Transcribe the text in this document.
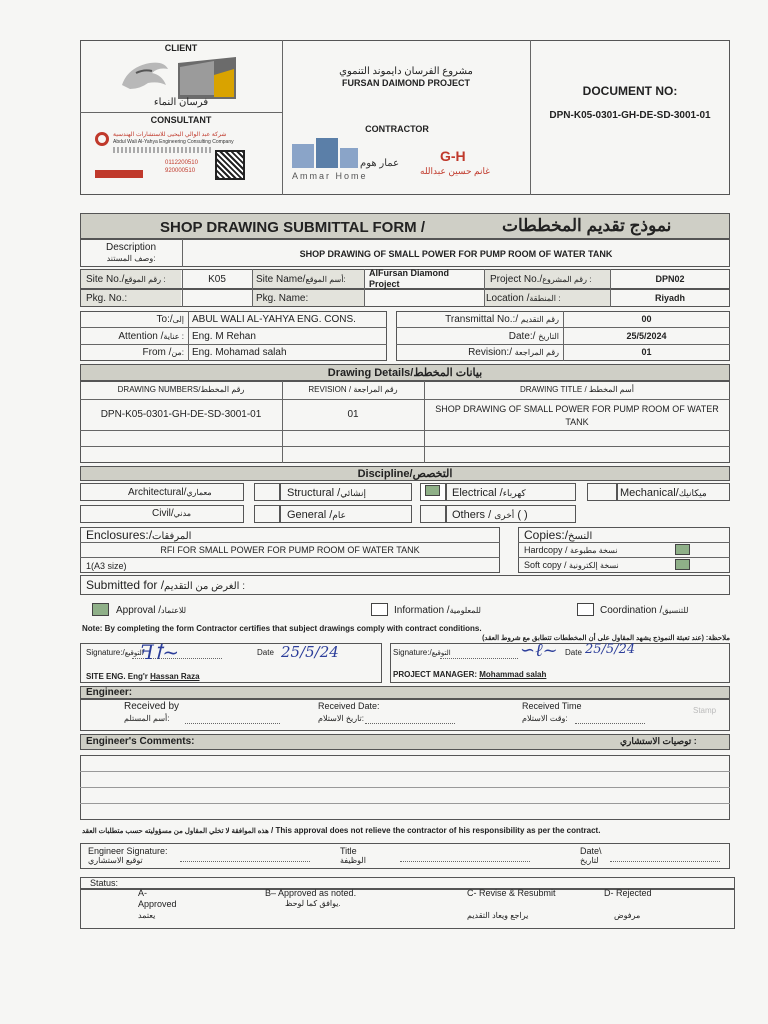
CLIENT
فرسان النماء
CONSULTANT
شركة عبد الوالي اليحيى للاستشارات الهندسية
Abdul Wali Al-Yahya Engineering Consulting Company
0112200510
920000510
مشروع الفرسان دايموند التنموي
FURSAN DAIMOND PROJECT
CONTRACTOR
عمار هوم
Ammar Home
G-H
غانم حسين عبدالله
DOCUMENT NO:
DPN-K05-0301-GH-DE-SD-3001-01
SHOP DRAWING SUBMITTAL FORM /	نموذج تقديم المخططات
Description
وصف المستند:	SHOP DRAWING OF SMALL POWER FOR PUMP ROOM OF WATER TANK
Site No./رقم الموقع :	K05	Site Name/أسم الموقع:
AlFursan Diamond Project	Project No./رقم المشروع :	DPN02
Pkg. No.:	Pkg. Name:	Location /المنطقة :	Riyadh
To:/إلى ABUL WALI AL-YAHYA ENG. CONS.
Attention /عناية : Eng. M Rehan
From /من: Eng. Mohamad salah
Transmittal No.:/ رقم التقديم	00
Date:/ التاريخ	25/5/2024
Revision:/ رقم المراجعة	01
Drawing Details/بيانات المخطط
DRAWING NUMBERS/رقم المخطط	REVISION / رقم المراجعة	DRAWING TITLE / أسم المخطط
DPN-K05-0301-GH-DE-SD-3001-01	01	SHOP DRAWING OF SMALL POWER FOR PUMP ROOM OF WATER TANK
Discipline/التخصص
Architectural/معماري	Structural /إنشائي	Electrical /كهرباء	Mechanical/ميكانيك
Civil/مدني	General /عام	Others / أخرى ( )
Enclosures:/المرفقات
RFI FOR SMALL POWER FOR PUMP ROOM OF WATER TANK
1(A3 size)
Copies:/النسخ
Hardcopy / نسخة مطبوعة
Soft copy / نسخة إلكترونية
Submitted for /الغرض من التقديم :
Approval /للاعتماد	Information /للمعلومية	Coordination /للتنسيق
Note: By completing the form Contractor certifies that subject drawings comply with contract conditions.
ملاحظة: (عند تعبئة النموذج يشهد المقاول على أن المخططات تتطابق مع شروط العقد)
Signature:/التوقيع
ꟻꝉ~	Date 25/5/24
SITE ENG. Eng'r Hassan Raza
Signature:/التوقيع	Date
∽ℓ~ 25/5/24
PROJECT MANAGER: Mohammad salah
Engineer:
Received by
أسم المستلم:
Received Date:
تاريخ الاستلام:
Received Time
وقت الاستلام:
Stamp
Engineer's Comments:	توصيات الاستشاري :
هذه الموافقة لا تخلي المقاول من مسؤوليته حسب متطلبات العقد / This approval does not relieve the contractor of his responsibility as per the contract.
Engineer Signature:
توقيع الاستشاري
Title
الوظيفة
Date\
لتاريخ
Status:
A-
Approved
يعتمد
B– Approved as noted.
يوافق كما لوحظ.
C- Revise & Resubmit
يراجع ويعاد التقديم
D- Rejected
مرفوض
